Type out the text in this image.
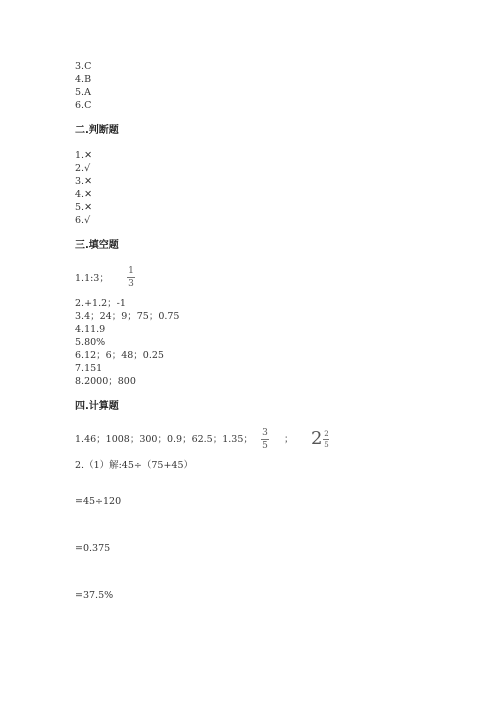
3.C
4.B
5.A
6.C
二.判断题
1.✕
2.√
3.✕
4.✕
5.✕
6.√
三.填空题
1.1:3；
1
3
2.+1.2；-1
3.4；24；9；75；0.75
4.11.9
5.80%
6.12；6；48；0.25
7.151
8.2000；800
四.计算题
1.46；1008；300；0.9；62.5；1.35；
3
5
； $2 \frac{2}{5}$
2.（1）解:45÷（75+45）
=45÷120
=0.375
=37.5%
